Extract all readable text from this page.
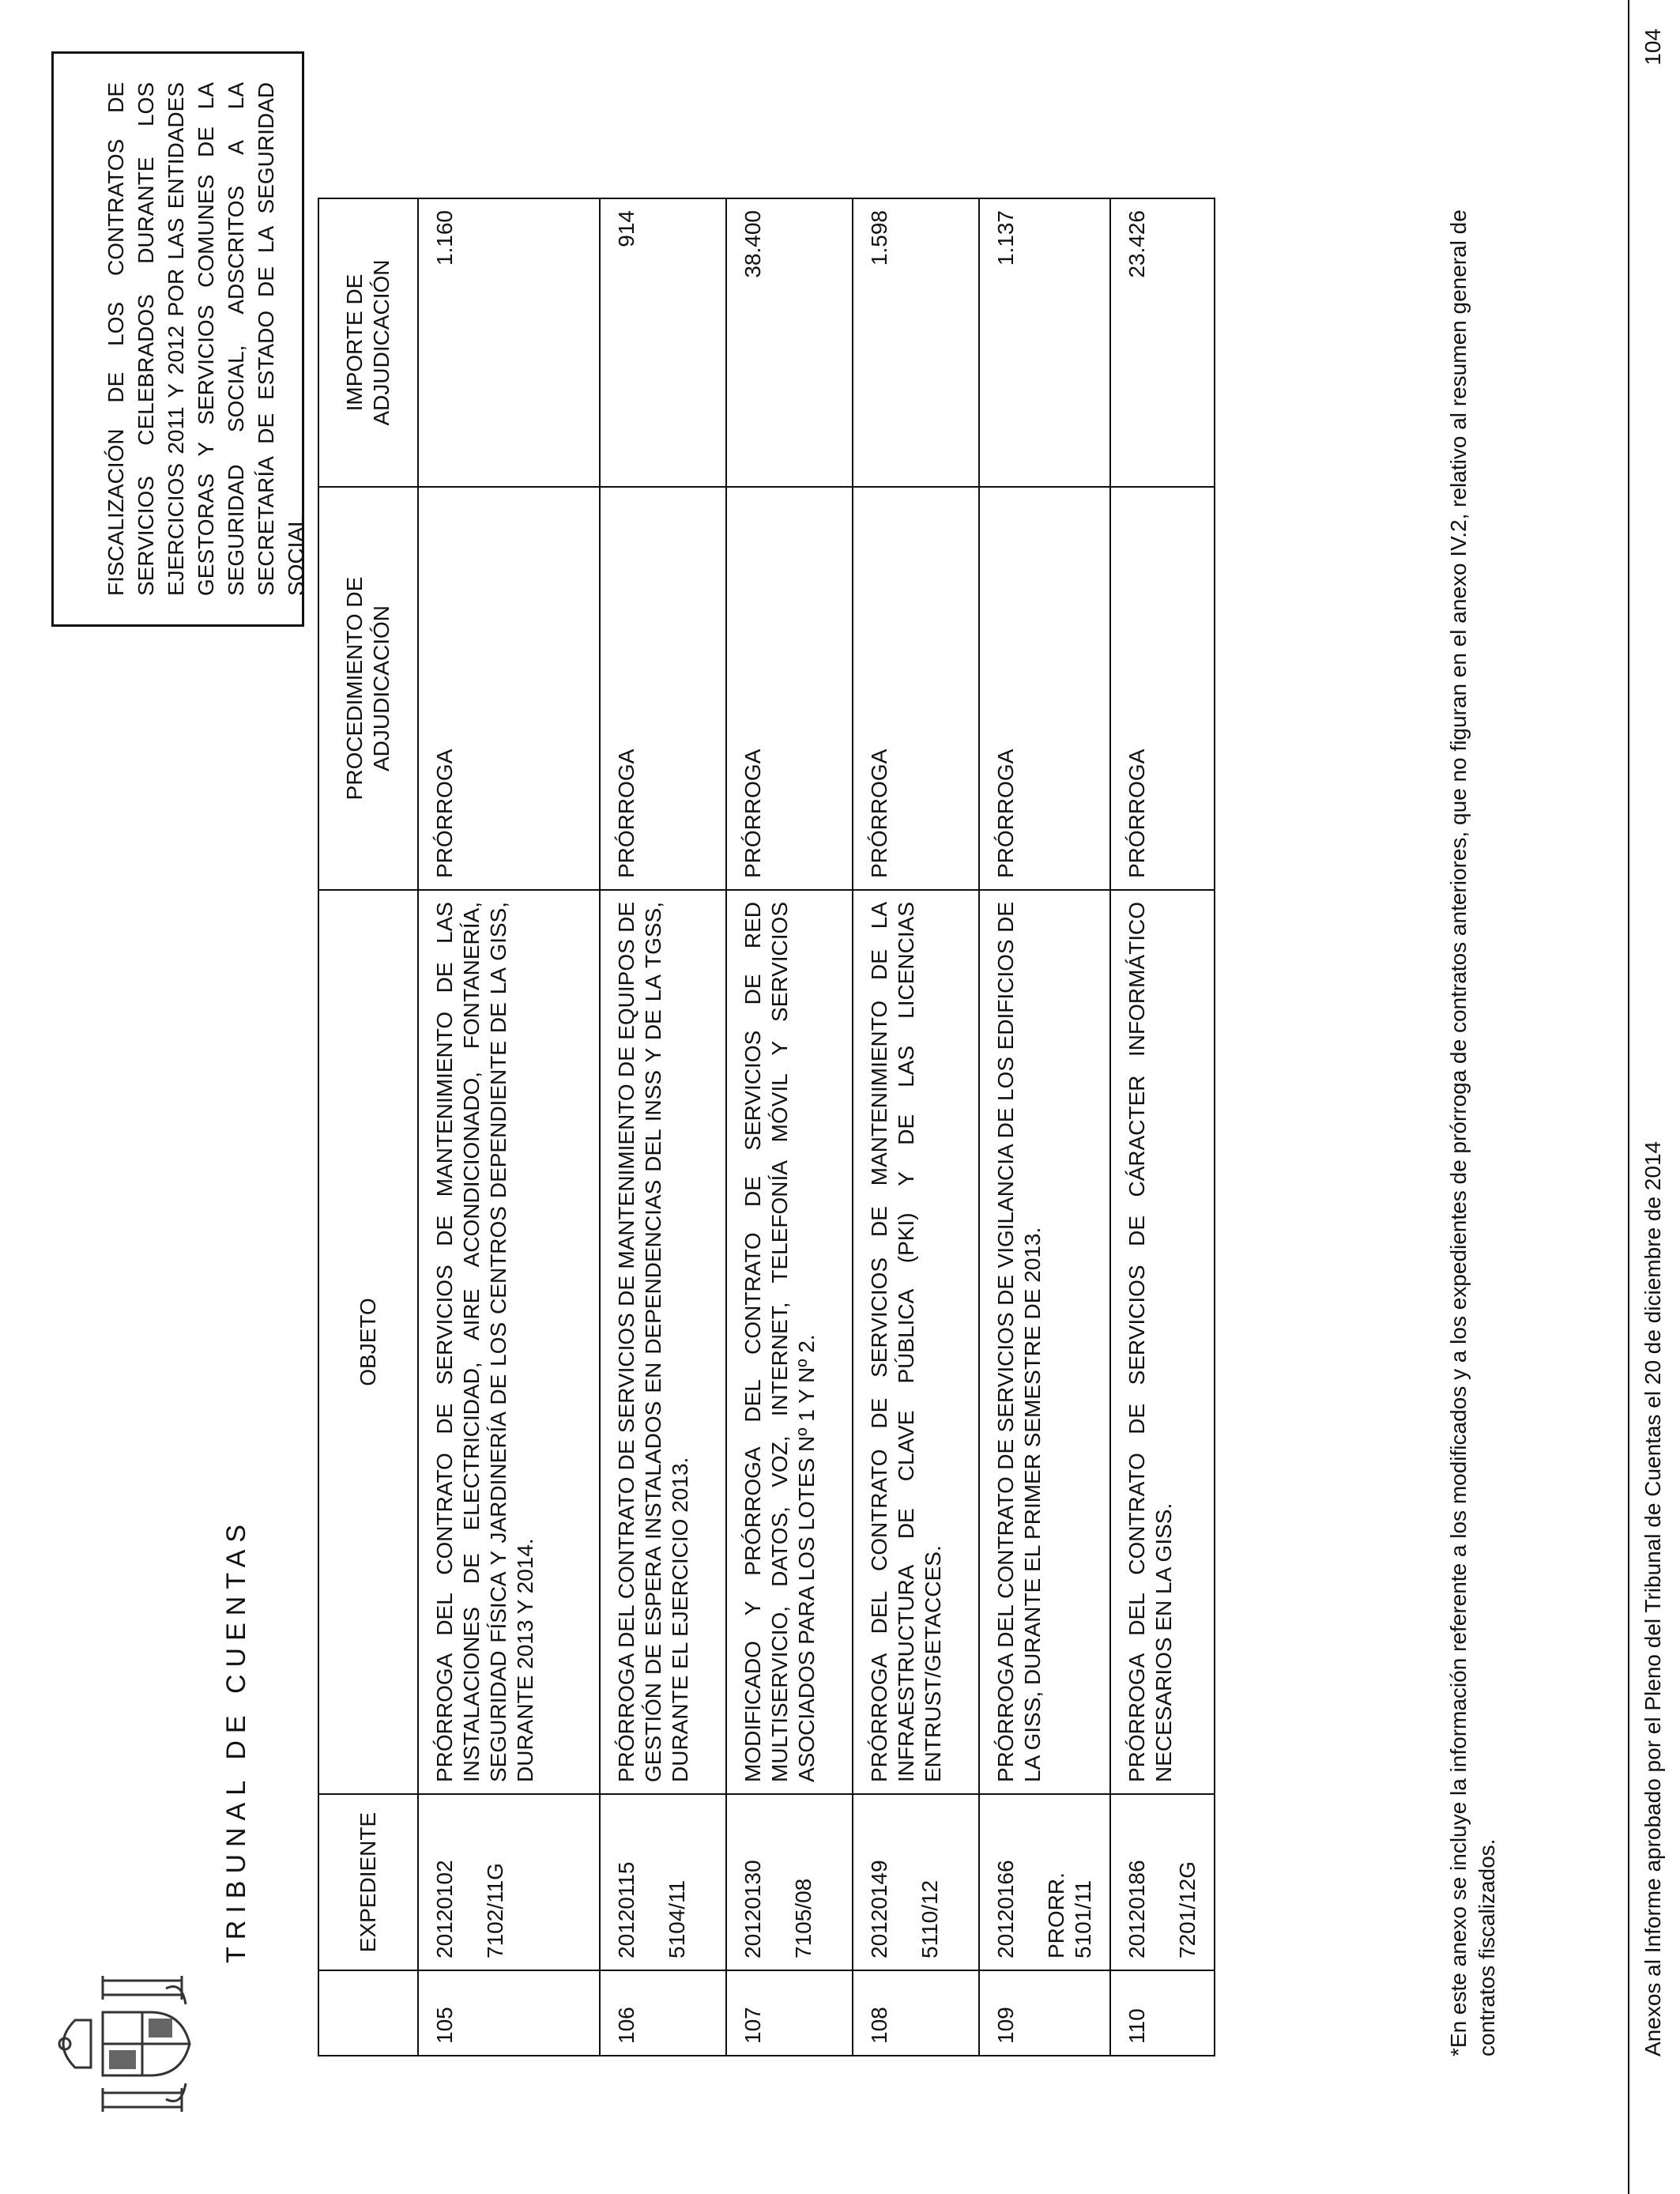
TRIBUNAL DE CUENTAS
FISCALIZACIÓN DE LOS CONTRATOS DE SERVICIOS CELEBRADOS DURANTE LOS EJERCICIOS 2011 Y 2012 POR LAS ENTIDADES GESTORAS Y SERVICIOS COMUNES DE LA SEGURIDAD SOCIAL, ADSCRITOS A LA SECRETARÍA DE ESTADO DE LA SEGURIDAD SOCIAL
	EXPEDIENTE	OBJETO	PROCEDIMIENTO DE ADJUDICACIÓN	IMPORTE DE ADJUDICACIÓN
105	20120102 7102/11G	PRÓRROGA DEL CONTRATO DE SERVICIOS DE MANTENIMIENTO DE LAS INSTALACIONES DE ELECTRICIDAD, AIRE ACONDICIONADO, FONTANERÍA, SEGURIDAD FÍSICA Y JARDINERÍA DE LOS CENTROS DEPENDIENTE DE LA GISS, DURANTE 2013 Y 2014.	PRÓRROGA	1.160
106	20120115 5104/11	PRÓRROGA DEL CONTRATO DE SERVICIOS DE MANTENIMIENTO DE EQUIPOS DE GESTIÓN DE ESPERA INSTALADOS EN DEPENDENCIAS DEL INSS Y DE LA TGSS, DURANTE EL EJERCICIO 2013.	PRÓRROGA	914
107	20120130 7105/08	MODIFICADO Y PRÓRROGA DEL CONTRATO DE SERVICIOS DE RED MULTISERVICIO, DATOS, VOZ, INTERNET, TELEFONÍA MÓVIL Y SERVICIOS ASOCIADOS PARA LOS LOTES Nº 1 Y Nº 2.	PRÓRROGA	38.400
108	20120149 5110/12	PRÓRROGA DEL CONTRATO DE SERVICIOS DE MANTENIMIENTO DE LA INFRAESTRUCTURA DE CLAVE PÚBLICA (PKI) Y DE LAS LICENCIAS ENTRUST/GETACCES.	PRÓRROGA	1.598
109	20120166 PRORR. 5101/11	PRÓRROGA DEL CONTRATO DE SERVICIOS DE VIGILANCIA DE LOS EDIFICIOS DE LA GISS, DURANTE EL PRIMER SEMESTRE DE 2013.	PRÓRROGA	1.137
110	20120186 7201/12G	PRÓRROGA DEL CONTRATO DE SERVICIOS DE CÁRACTER INFORMÁTICO NECESARIOS EN LA GISS.	PRÓRROGA	23.426	*En este anexo se incluye la información referente a los modificados y a los expedientes de prórroga de contratos anteriores, que no figuran en el anexo IV.2, relativo al resumen general de contratos fiscalizados.	Anexos al Informe aprobado por el Pleno del Tribunal de Cuentas el 20 de diciembre de 2014
104
